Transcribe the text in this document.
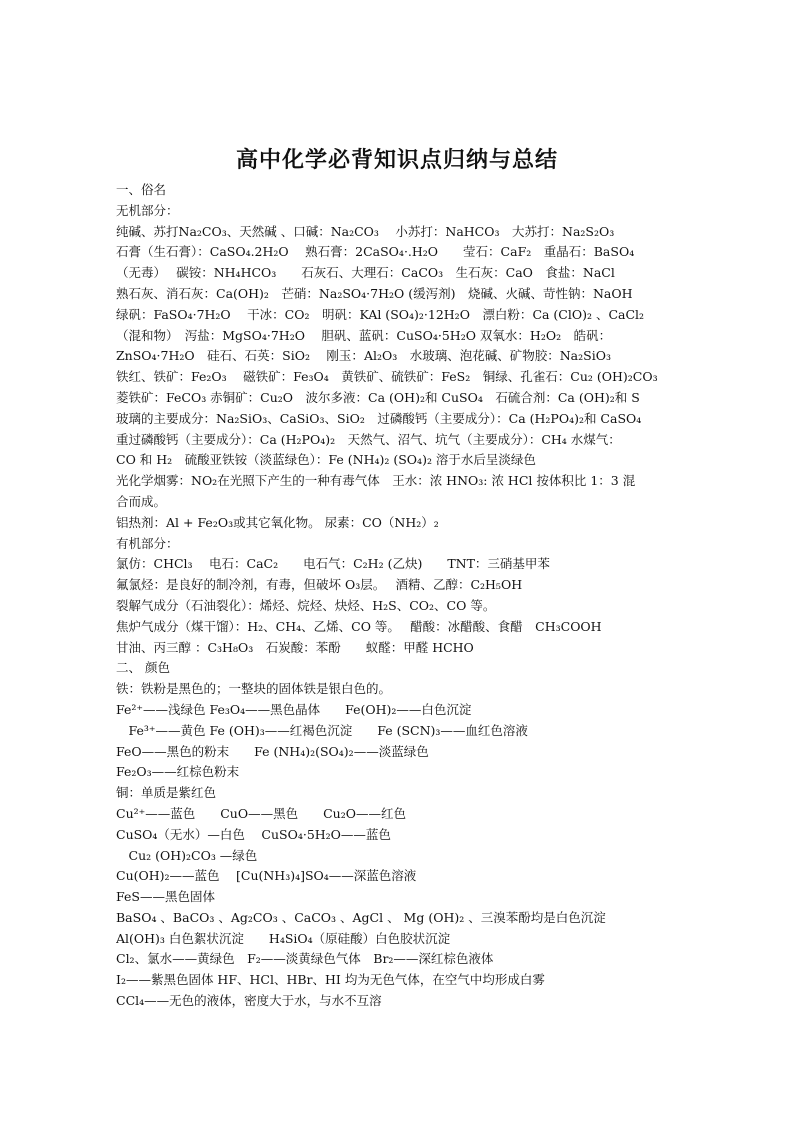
高中化学必背知识点归纳与总结
一、俗名
无机部分：
纯碱、苏打Na₂CO₃、天然碱 、口碱：Na₂CO₃　 小苏打：NaHCO₃　大苏打：Na₂S₂O₃
石膏（生石膏）：CaSO₄.2H₂O　 熟石膏：2CaSO₄·.H₂O　　莹石：CaF₂　重晶石：BaSO₄
（无毒）　 碳铵：NH₄HCO₃　　石灰石、大理石：CaCO₃　生石灰：CaO　食盐：NaCl
熟石灰、消石灰：Ca(OH)₂　芒硝：Na₂SO₄·7H₂O (缓泻剂)　烧碱、火碱、苛性钠：NaOH
绿矾：FaSO₄·7H₂O　 干冰：CO₂　明矾：KAl (SO₄)₂·12H₂O　漂白粉：Ca (ClO)₂ 、CaCl₂
（混和物）　泻盐：MgSO₄·7H₂O　 胆矾、蓝矾：CuSO₄·5H₂O 双氧水：H₂O₂　皓矾：
ZnSO₄·7H₂O　硅石、石英：SiO₂　 刚玉：Al₂O₃　水玻璃、泡花碱、矿物胶：Na₂SiO₃
铁红、铁矿：Fe₂O₃　 磁铁矿：Fe₃O₄　黄铁矿、硫铁矿：FeS₂　铜绿、孔雀石：Cu₂ (OH)₂CO₃
菱铁矿：FeCO₃ 赤铜矿：Cu₂O　波尔多液：Ca (OH)₂和 CuSO₄　石硫合剂：Ca (OH)₂和 S
玻璃的主要成分：Na₂SiO₃、CaSiO₃、SiO₂　过磷酸钙（主要成分）：Ca (H₂PO₄)₂和 CaSO₄
重过磷酸钙（主要成分）：Ca (H₂PO₄)₂　天然气、沼气、坑气（主要成分）：CH₄ 水煤气：
CO 和 H₂　硫酸亚铁铵（淡蓝绿色）：Fe (NH₄)₂ (SO₄)₂ 溶于水后呈淡绿色
光化学烟雾：NO₂在光照下产生的一种有毒气体　王水：浓 HNO₃: 浓 HCl 按体积比 1：3 混
合而成。
铝热剂：Al + Fe₂O₃或其它氧化物。 尿素：CO（NH₂）₂
有机部分：
氯仿：CHCl₃　 电石：CaC₂　　电石气：C₂H₂ (乙炔)　　TNT：三硝基甲苯
氟氯烃：是良好的制冷剂，有毒，但破坏 O₃层。　 酒精、乙醇：C₂H₅OH
裂解气成分（石油裂化）：烯烃、烷烃、炔烃、H₂S、CO₂、CO 等。
焦炉气成分（煤干馏）：H₂、CH₄、乙烯、CO 等。　 醋酸：冰醋酸、食醋　CH₃COOH
甘油、丙三醇 ：C₃H₈O₃　石炭酸：苯酚　　蚁醛：甲醛 HCHO
二、 颜色
铁：铁粉是黑色的；一整块的固体铁是银白色的。
Fe²⁺——浅绿色 Fe₃O₄——黑色晶体　　Fe(OH)₂——白色沉淀
　Fe³⁺——黄色 Fe (OH)₃——红褐色沉淀　　Fe (SCN)₃——血红色溶液
FeO——黑色的粉末　　Fe (NH₄)₂(SO₄)₂——淡蓝绿色
Fe₂O₃——红棕色粉末
铜：单质是紫红色
Cu²⁺——蓝色　　CuO——黑色　　Cu₂O——红色
CuSO₄（无水）—白色　 CuSO₄·5H₂O——蓝色
　Cu₂ (OH)₂CO₃ —绿色
Cu(OH)₂——蓝色　 [Cu(NH₃)₄]SO₄——深蓝色溶液
FeS——黑色固体
BaSO₄ 、BaCO₃ 、Ag₂CO₃ 、CaCO₃ 、AgCl 、 Mg (OH)₂ 、三溴苯酚均是白色沉淀
Al(OH)₃ 白色絮状沉淀　　H₄SiO₄（原硅酸）白色胶状沉淀
Cl₂、氯水——黄绿色　F₂——淡黄绿色气体　Br₂——深红棕色液体
I₂——紫黑色固体 HF、HCl、HBr、HI 均为无色气体，在空气中均形成白雾
CCl₄——无色的液体，密度大于水，与水不互溶
